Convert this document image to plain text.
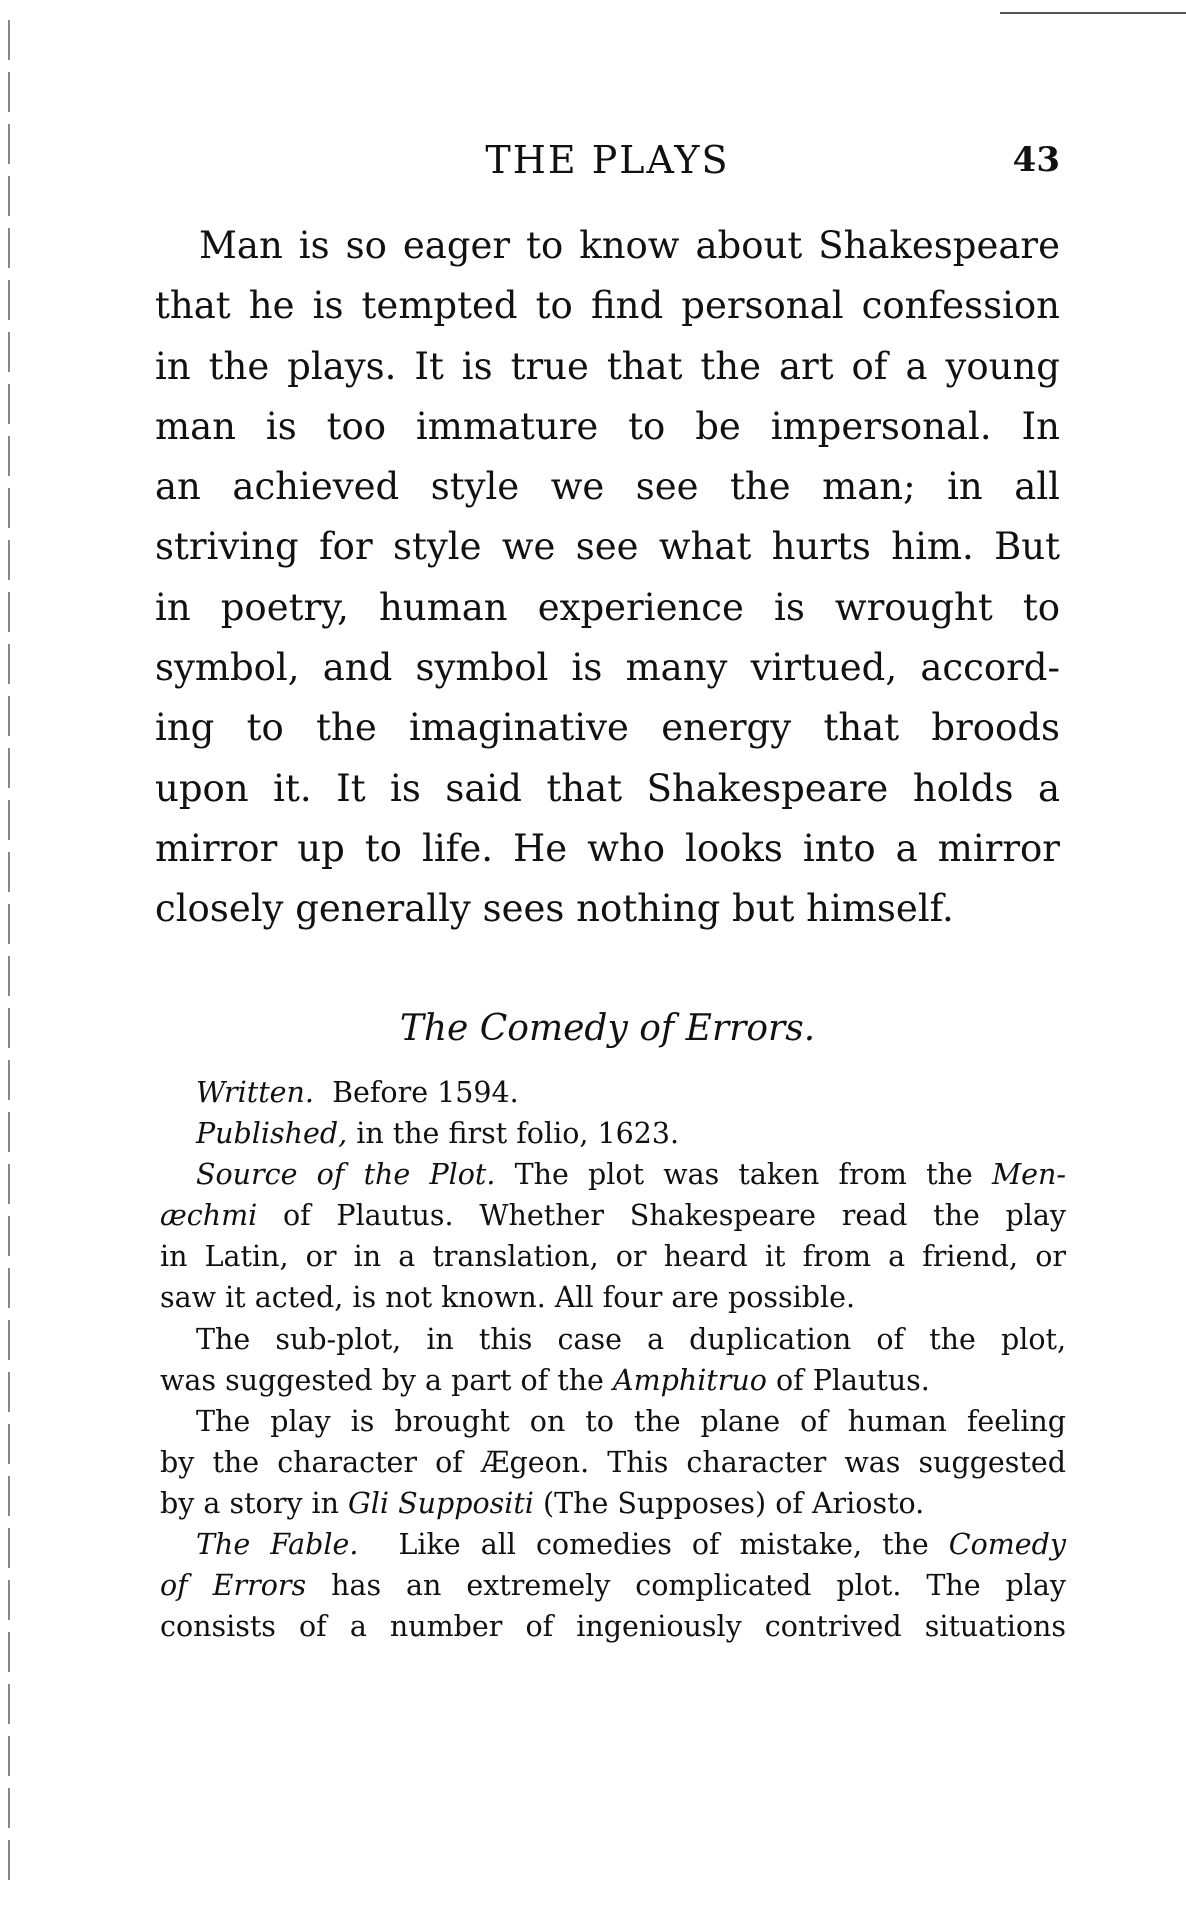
THE PLAYS	43
Man is so eager to know about Shakespeare
that he is tempted to find personal confession
in the plays. It is true that the art of a young
man is too immature to be impersonal. In
an achieved style we see the man; in all
striving for style we see what hurts him. But
in poetry, human experience is wrought to
symbol, and symbol is many virtued, accord-
ing to the imaginative energy that broods
upon it. It is said that Shakespeare holds a
mirror up to life. He who looks into a mirror
closely generally sees nothing but himself.
The Comedy of Errors.
Written. Before 1594.
Published, in the first folio, 1623.
Source of the Plot. The plot was taken from the Men-
æchmi of Plautus. Whether Shakespeare read the play
in Latin, or in a translation, or heard it from a friend, or
saw it acted, is not known. All four are possible.
The sub-plot, in this case a duplication of the plot,
was suggested by a part of the Amphitruo of Plautus.
The play is brought on to the plane of human feeling
by the character of Ægeon. This character was suggested
by a story in Gli Suppositi (The Supposes) of Ariosto.
The Fable. Like all comedies of mistake, the Comedy
of Errors has an extremely complicated plot. The play
consists of a number of ingeniously contrived situations
